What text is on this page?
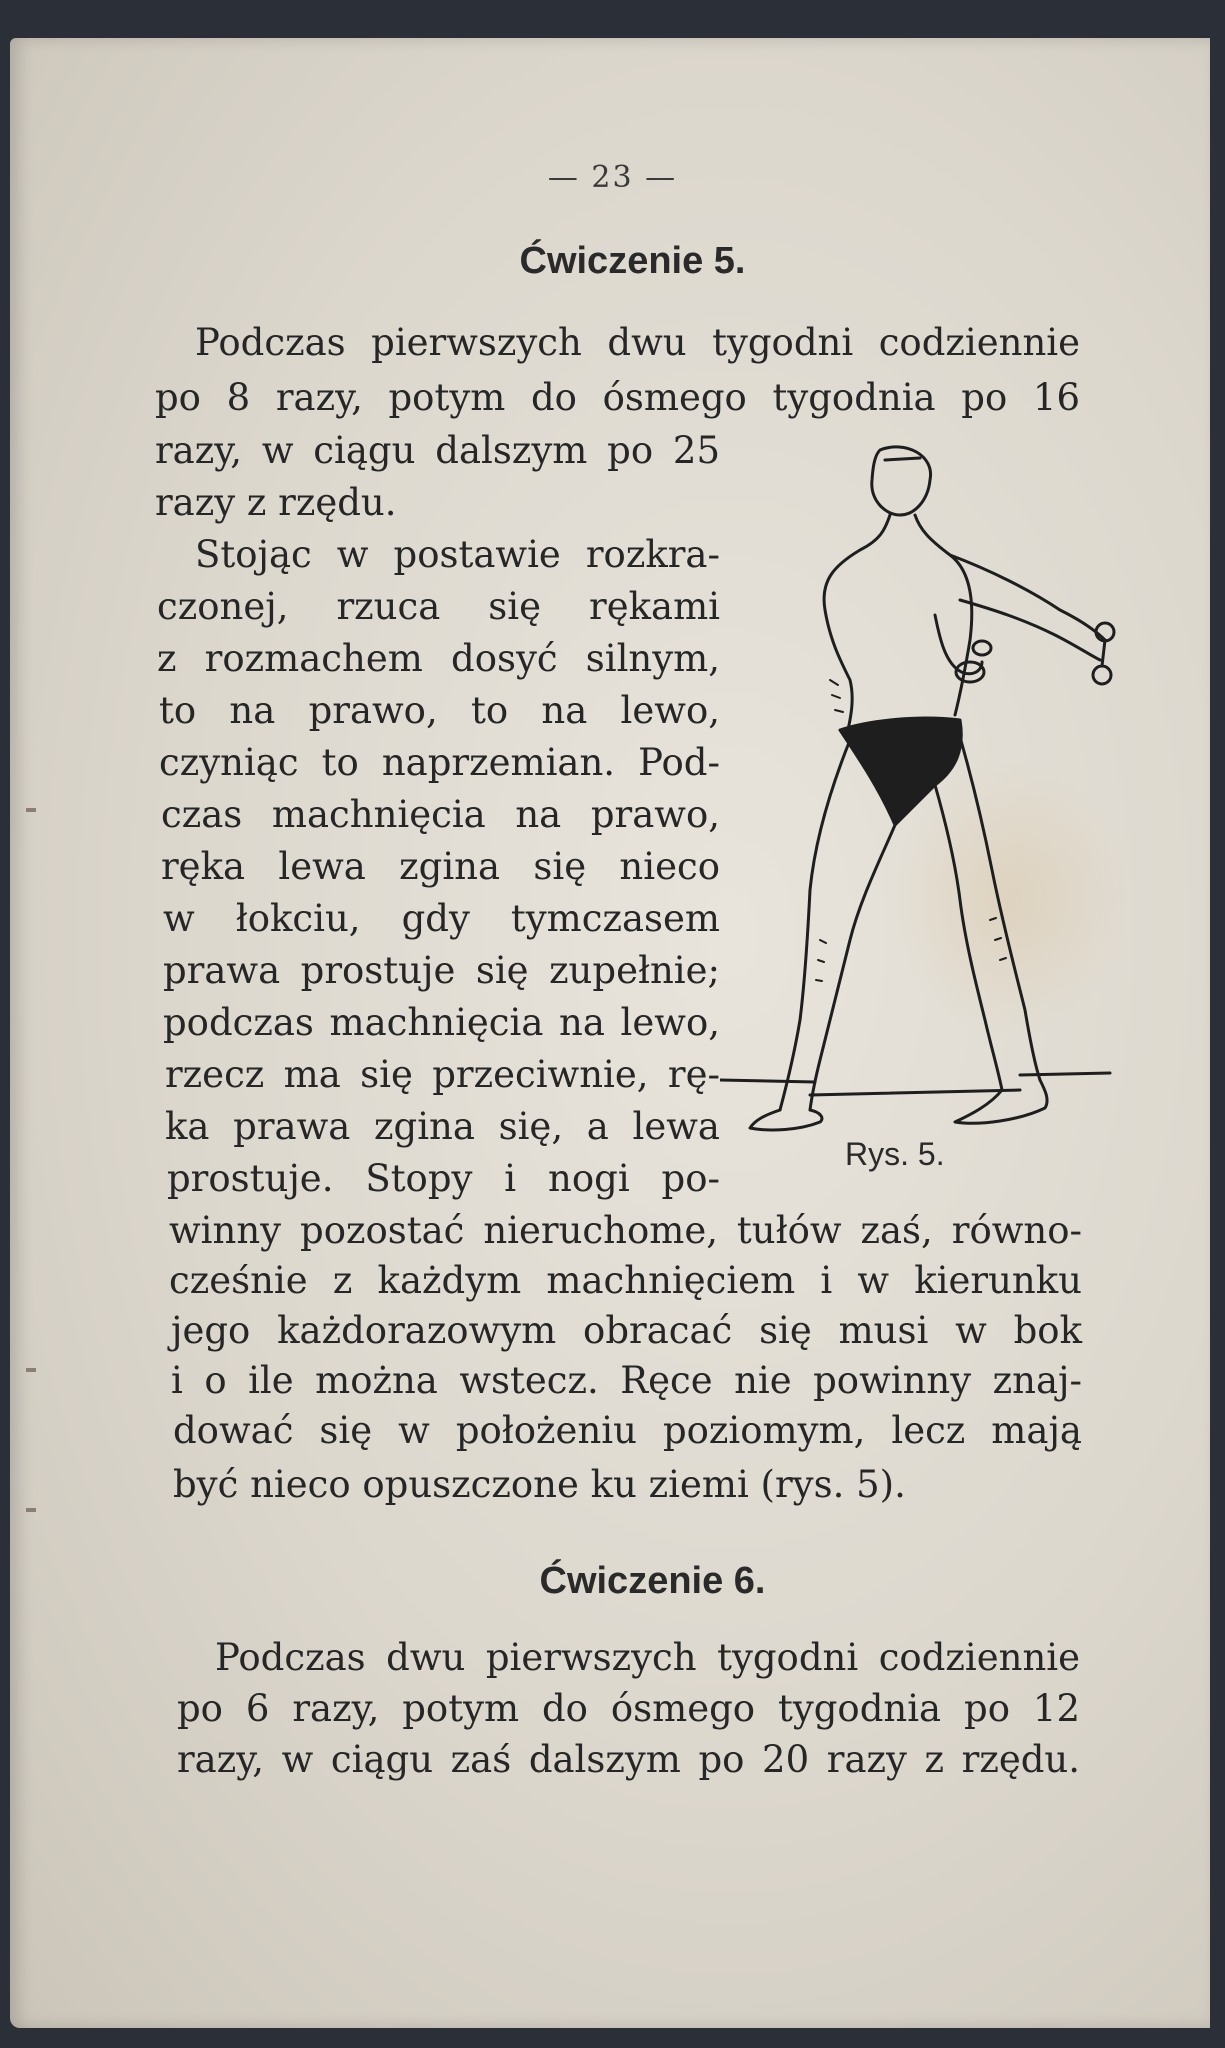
— 23 —
Ćwiczenie 5.
Podczas pierwszych dwu tygodni codziennie
po 8 razy, potym do ósmego tygodnia po 16
razy, w ciągu dalszym po 25
razy z rzędu.
Stojąc w postawie rozkra-
czonej, rzuca się rękami
z rozmachem dosyć silnym,
to na prawo, to na lewo,
czyniąc to naprzemian. Pod-
czas machnięcia na prawo,
ręka lewa zgina się nieco
w łokciu, gdy tymczasem
prawa prostuje się zupełnie;
podczas machnięcia na lewo,
rzecz ma się przeciwnie, rę-
ka prawa zgina się, a lewa
prostuje. Stopy i nogi po-
winny pozostać nieruchome, tułów zaś, równo-
cześnie z każdym machnięciem i w kierunku
jego każdorazowym obracać się musi w bok
i o ile można wstecz. Ręce nie powinny znaj-
dować się w położeniu poziomym, lecz mają
być nieco opuszczone ku ziemi (rys. 5).
Rys. 5.
Ćwiczenie 6.
Podczas dwu pierwszych tygodni codziennie
po 6 razy, potym do ósmego tygodnia po 12
razy, w ciągu zaś dalszym po 20 razy z rzędu.
